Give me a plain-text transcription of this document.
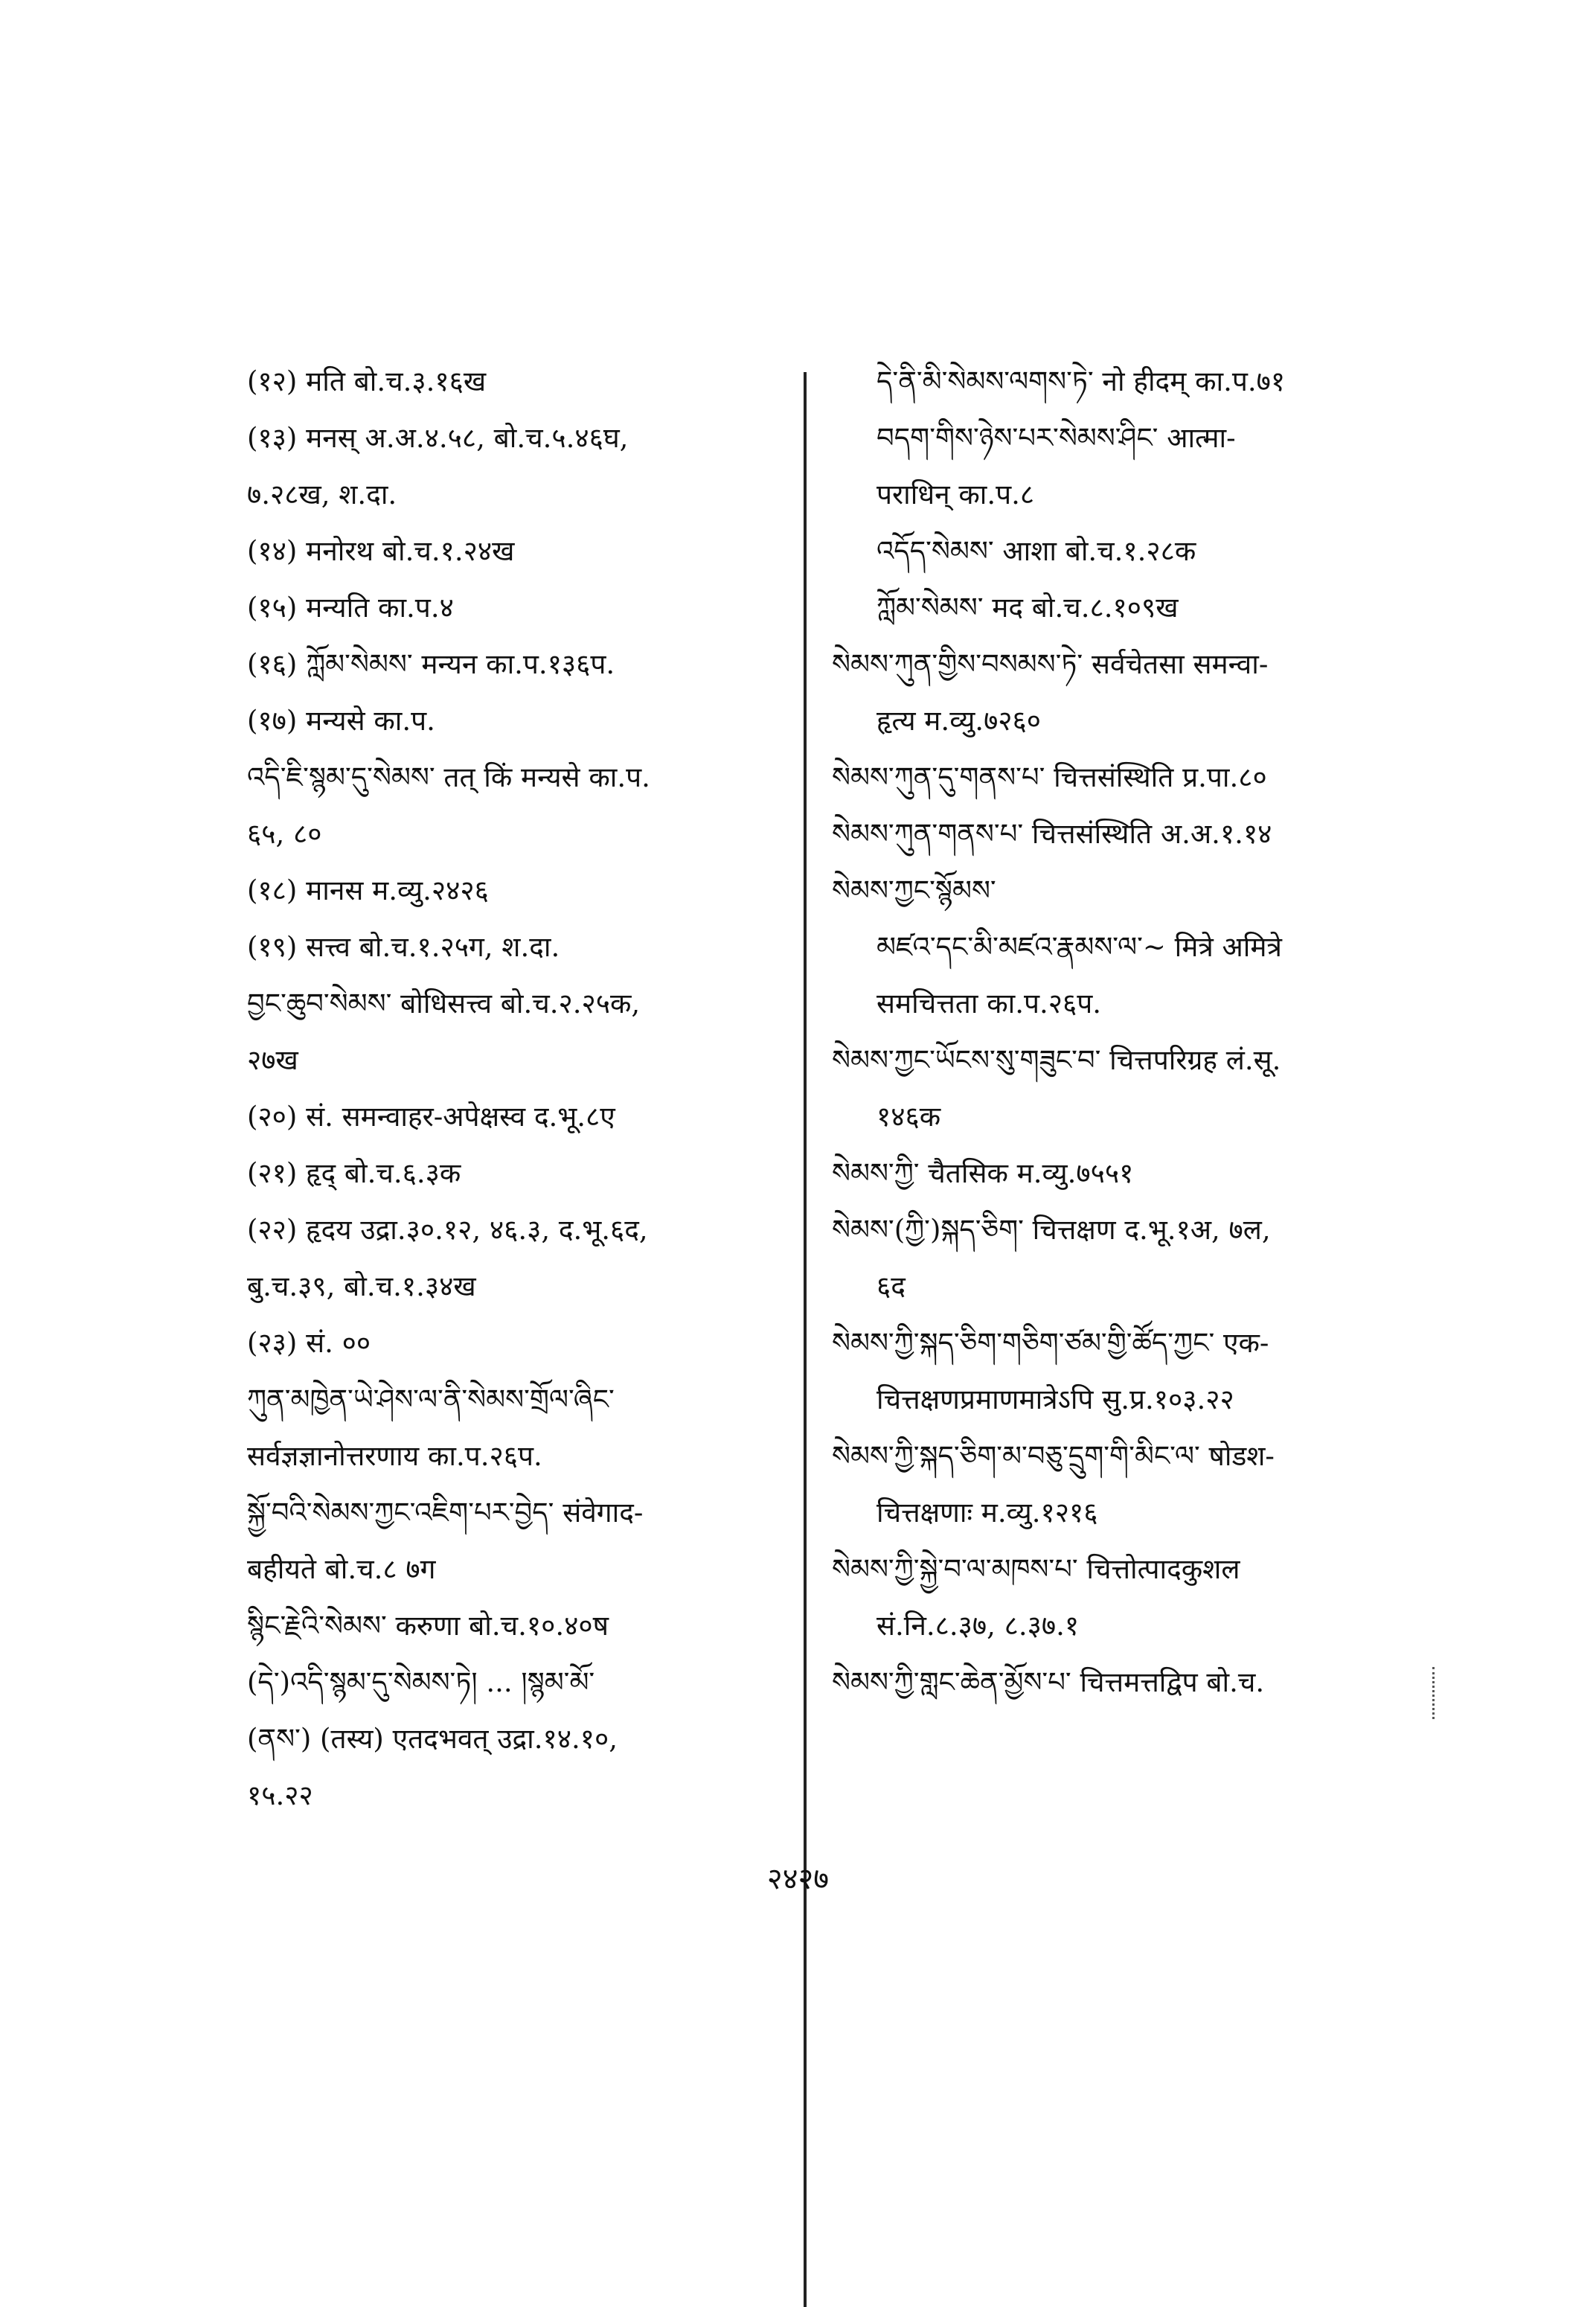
(१२) मति बो.च.३.१६ख
(१३) मनस् अ.अ.४.५८, बो.च.५.४६घ,
७.२८ख, श.दा.
(१४) मनोरथ बो.च.१.२४ख
(१५) मन्यति का.प.४
(१६) ཀློམ་སེམས་ मन्यन का.प.१३६प.
(१७) मन्यसे का.प.
འདི་ཇི་སྙམ་དུ་སེམས་ तत् किं मन्यसे का.प.
६५, ८०
(१८) मानस म.व्यु.२४२६
(१९) सत्त्व बो.च.१.२५ग, श.दा.
བྱང་ཆུབ་སེམས་ बोधिसत्त्व बो.च.२.२५क,
२७ख
(२०) सं. समन्वाहर-अपेक्षस्व द.भू.८ए
(२१) हृद् बो.च.६.३क
(२२) हृदय उद्रा.३०.१२, ४६.३, द.भू.६द,
बु.च.३९, बो.च.१.३४ख
(२३) सं. ००
ཀུན་མཁྱེན་ཡེ་ཤེས་ལ་ནི་སེམས་གྲོལ་ཞིང་
सर्वज्ञज्ञानोत्तरणाय का.प.२६प.
སྐྱོ་བའི་སེམས་ཀྱང་འཇིག་པར་བྱེད་ संवेगाद-
बहीयते बो.च.८ ७ग
སྙིང་རྗེའི་སེམས་ करुणा बो.च.१०.४०ष
(དེ་)འདི་སྙམ་དུ་སེམས་ཏེ། ... །སྙམ་མོ་
(ནས་) (तस्य) एतदभवत् उद्रा.१४.१०,
१५.२२
དེ་ནི་མི་སེམས་ལགས་ཏེ་ नो हीदम् का.प.७१
བདག་གིས་ཉེས་པར་སེམས་ཤིང་ आत्मा-
पराधिन् का.प.८
འདོད་སེམས་ आशा बो.च.१.२८क
ཀློམ་སེམས་ मद बो.च.८.१०९ख
སེམས་ཀུན་གྱིས་བསམས་ཏེ་ सर्वचेतसा समन्वा-
हृत्य म.व्यु.७२६०
སེམས་ཀུན་དུ་གནས་པ་ चित्तसंस्थिति प्र.पा.८०
སེམས་ཀུན་གནས་པ་ चित्तसंस्थिति अ.अ.१.१४
སེམས་ཀྱང་སྙོམས་
མཛའ་དང་མི་མཛའ་རྣམས་ལ་~ मित्रे अमित्रे
समचित्तता का.प.२६प.
སེམས་ཀྱང་ཡོངས་སུ་གཟུང་བ་ चित्तपरिग्रह लं.सू.
१४६क
སེམས་ཀྱི་ चैतसिक म.व्यु.७५५१
སེམས་(ཀྱི་)སྐད་ཅིག་ चित्तक्षण द.भू.१अ, ७ल,
६द
སེམས་ཀྱི་སྐད་ཅིག་གཅིག་ཙམ་གྱི་ཚོད་ཀྱང་ एक-
चित्तक्षणप्रमाणमात्रेऽपि सु.प्र.१०३.२२
སེམས་ཀྱི་སྐད་ཅིག་མ་བཅུ་དྲུག་གི་མིང་ལ་ षोडश-
चित्तक्षणाः म.व्यु.१२१६
སེམས་ཀྱི་སྐྱེ་བ་ལ་མཁས་པ་ चित्तोत्पादकुशल
सं.नि.८.३७, ८.३७.१
སེམས་ཀྱི་གླང་ཆེན་མྱོས་པ་ चित्तमत्तद्विप बो.च.
२४२७
